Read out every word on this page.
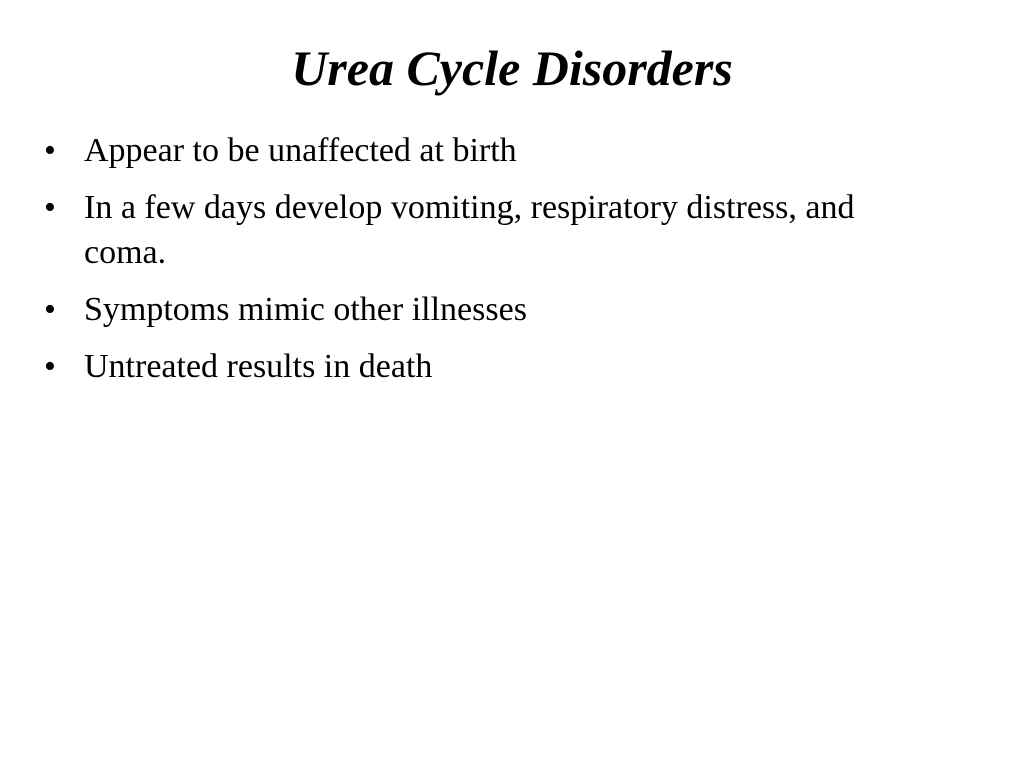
Urea Cycle Disorders
• Appear to be unaffected at birth
• In a few days develop vomiting, respiratory distress, and coma.
• Symptoms mimic other illnesses
• Untreated results in death
